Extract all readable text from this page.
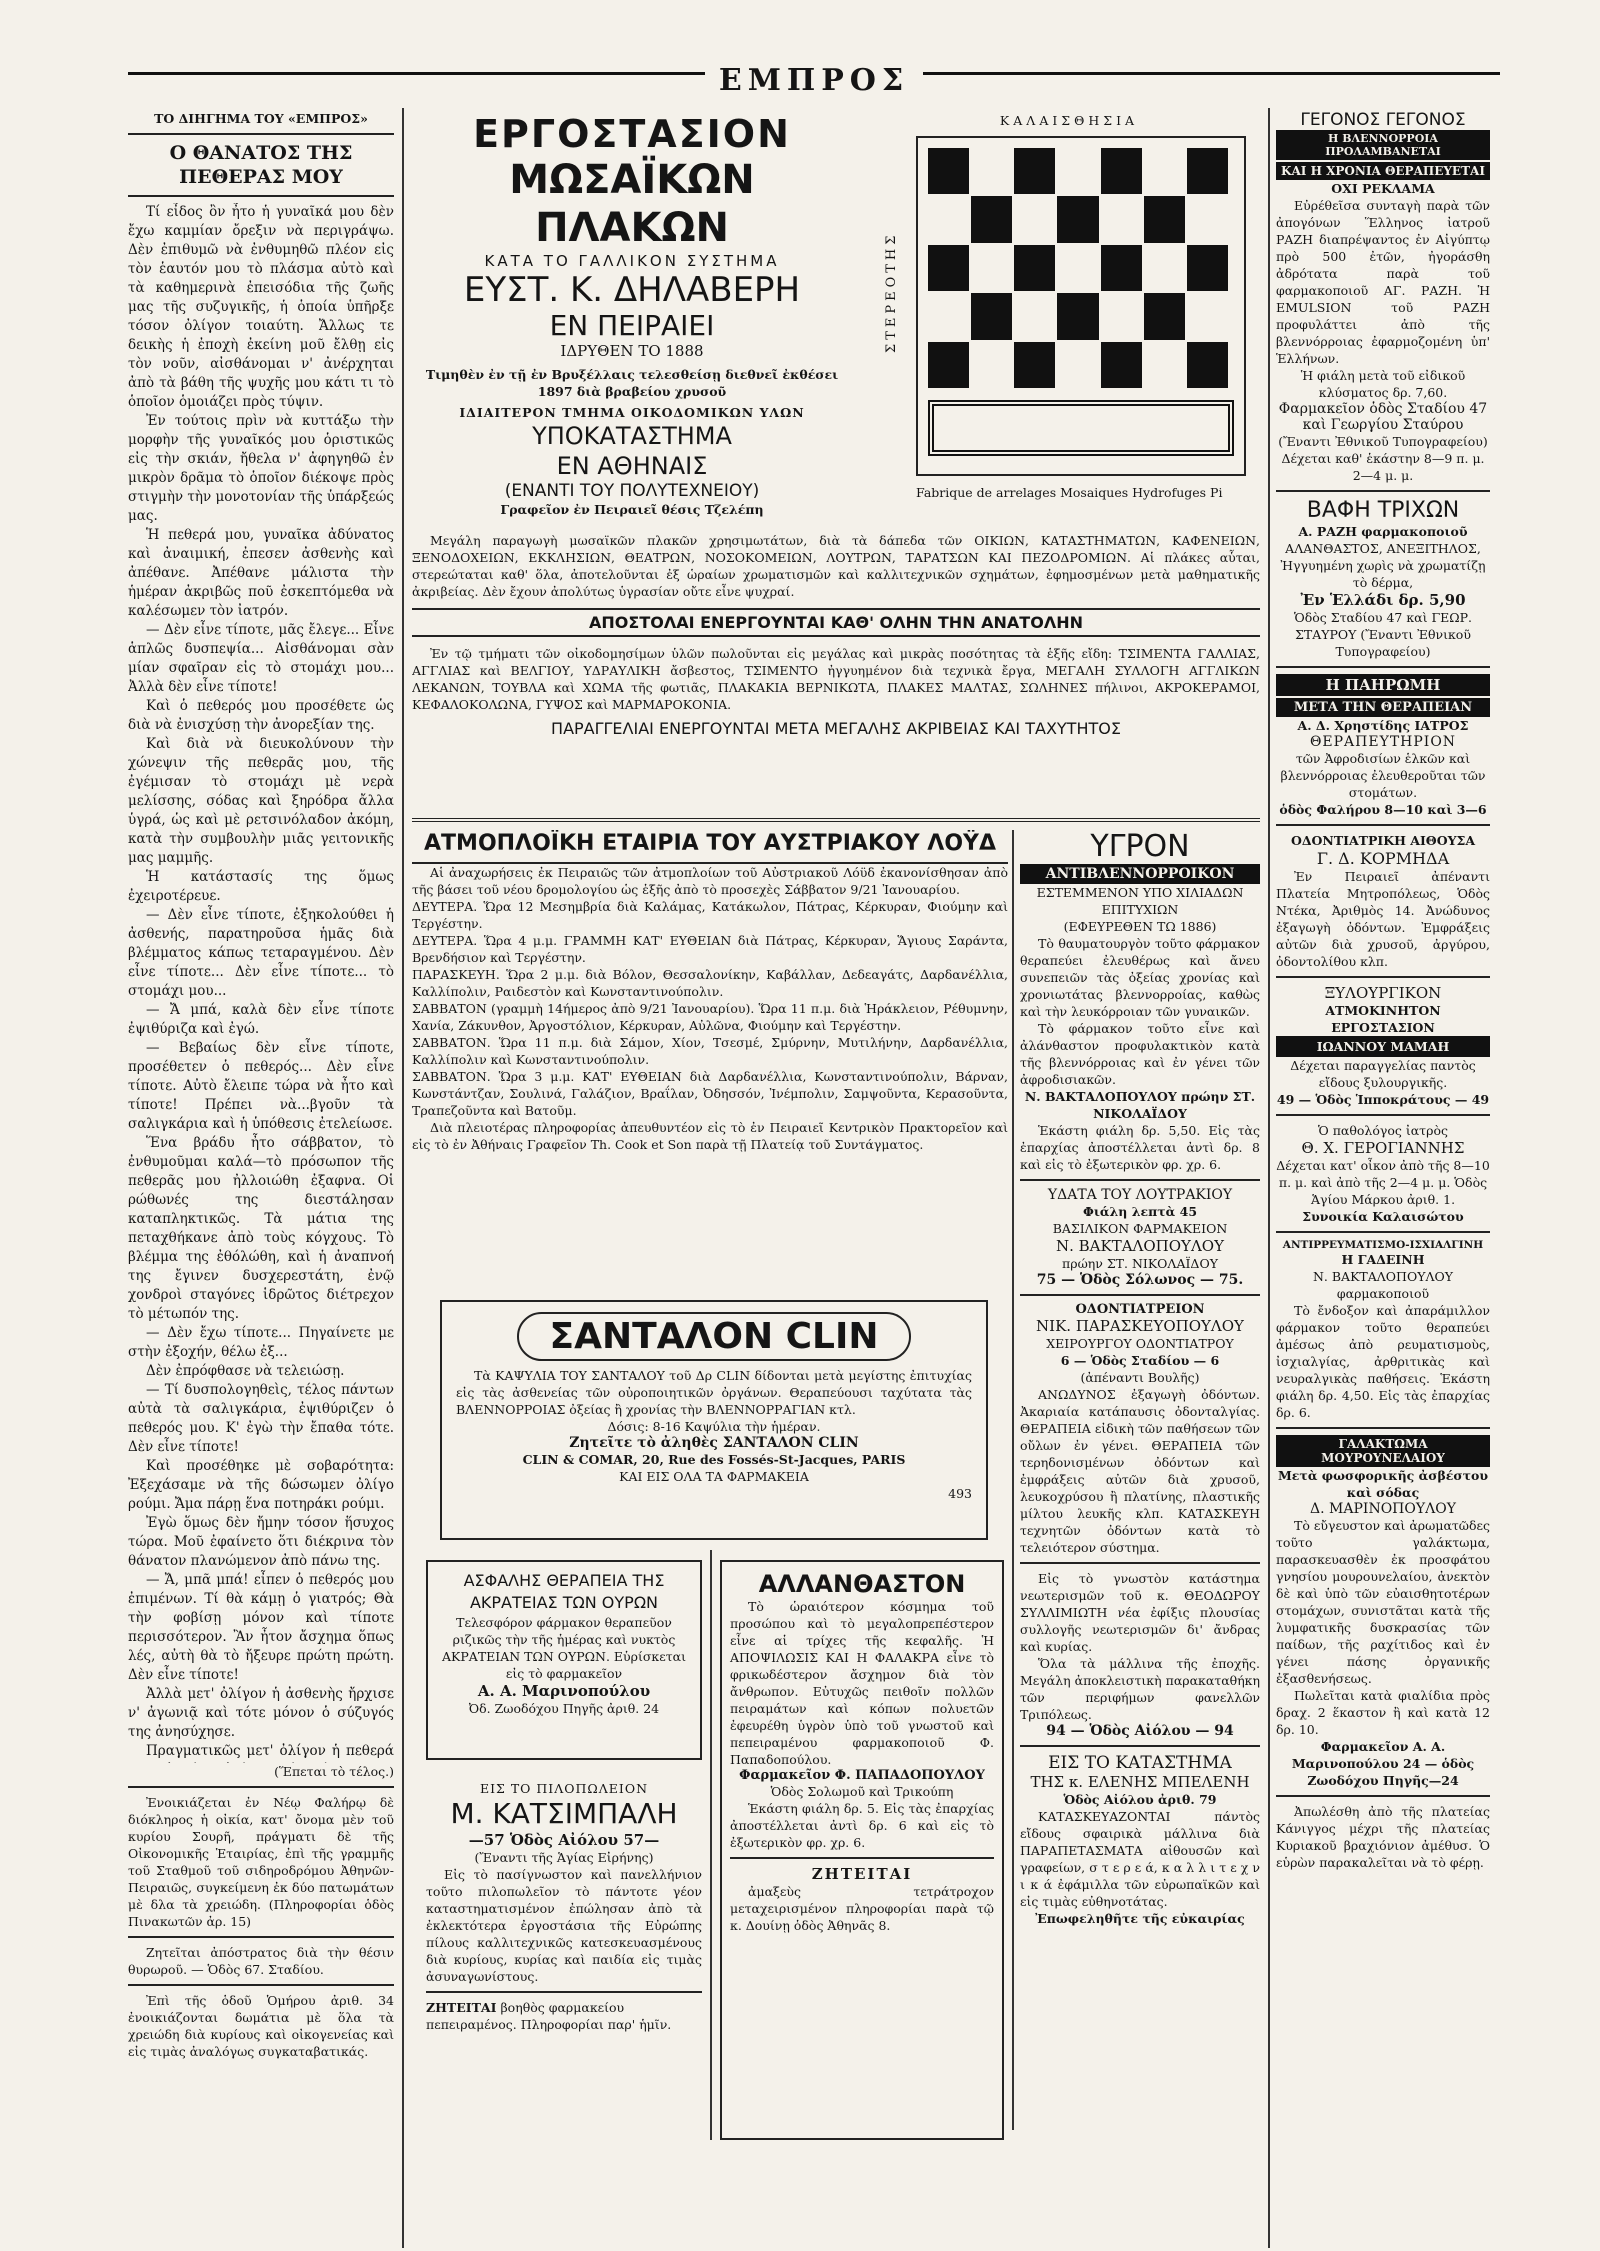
ΕΜΠΡΟΣ
ΤΟ ΔΙΗΓΗΜΑ ΤΟΥ «ΕΜΠΡΟΣ»
Ο ΘΑΝΑΤΟΣ ΤΗΣ ΠΕΘΕΡΑΣ ΜΟΥ

Τί εἶδος ὂν ἦτο ἡ γυναῖκά μου δὲν ἔχω καμμίαν ὄρεξιν νὰ περιγράψω. Δὲν ἐπιθυμῶ νὰ ἐνθυμηθῶ πλέον εἰς τὸν ἑαυτόν μου τὸ πλάσμα αὐτὸ καὶ τὰ καθημερινὰ ἐπεισόδια τῆς ζωῆς μας τῆς συζυγικῆς, ἡ ὁποία ὑπῆρξε τόσον ὀλίγον τοιαύτη. Ἄλλως τε δεικὴς ἡ ἐποχὴ ἐκείνη μοῦ ἔλθῃ εἰς τὸν νοῦν, αἰσθάνομαι ν' ἀνέρχηται ἀπὸ τὰ βάθη τῆς ψυχῆς μου κάτι τι τὸ ὁποῖον ὁμοιάζει πρὸς τύψιν.

Ἐν τούτοις πρὶν νὰ κυττάξω τὴν μορφὴν τῆς γυναῖκός μου ὁριστικῶς εἰς τὴν σκιάν, ἤθελα ν' ἀφηγηθῶ ἐν μικρὸν δρᾶμα τὸ ὁποῖον διέκοψε πρὸς στιγμὴν τὴν μονοτονίαν τῆς ὑπάρξεώς μας.

Ἡ πεθερά μου, γυναῖκα ἀδύνατος καὶ ἀναιμική, ἐπεσεν ἀσθενὴς καὶ ἀπέθανε. Ἀπέθανε μάλιστα τὴν ἡμέραν ἀκριβῶς ποῦ ἐσκεπτόμεθα νὰ καλέσωμεν τὸν ἰατρόν.

— Δὲν εἶνε τίποτε, μᾶς ἔλεγε... Εἶνε ἁπλῶς δυσπεψία... Αἰσθάνομαι σὰν μίαν σφαῖραν εἰς τὸ στομάχι μου... Ἀλλὰ δὲν εἶνε τίποτε!

Καὶ ὁ πεθερός μου προσέθετε ὡς διὰ νὰ ἐνισχύσῃ τὴν ἀνορεξίαν της.

Καὶ διὰ νὰ διευκολύνουν τὴν χώνεψιν τῆς πεθερᾶς μου, τῆς ἐγέμισαν τὸ στομάχι μὲ νερὰ μελίσσης, σόδας καὶ ξηρόδρα ἄλλα ὑγρά, ὡς καὶ μὲ ρετσινόλαδον ἀκόμη, κατὰ τὴν συμβουλὴν μιᾶς γειτονικῆς μας μαμμῆς.

Ἡ κατάστασίς της ὅμως ἐχειροτέρευε.

— Δὲν εἶνε τίποτε, ἐξηκολούθει ἡ ἀσθενής, παρατηροῦσα ἡμᾶς διὰ βλέμματος κάπως τεταραγμένου. Δὲν εἶνε τίποτε... Δὲν εἶνε τίποτε... τὸ στομάχι μου...

— Ἄ μπά, καλὰ δὲν εἶνε τίποτε ἐψιθύριζα καὶ ἐγώ.

— Βεβαίως δὲν εἶνε τίποτε, προσέθετεν ὁ πεθερός... Δὲν εἶνε τίποτε. Αὐτὸ ἔλειπε τώρα νὰ ἦτο καὶ τίποτε! Πρέπει νὰ...βγοῦν τὰ σαλιγκάρια καὶ ἡ ὑπόθεσις ἐτελείωσε.

Ἕνα βράδυ ἦτο σάββατον, τὸ ἐνθυμοῦμαι καλά—τὸ πρόσωπον τῆς πεθερᾶς μου ἠλλοιώθη ἐξαφνα. Οἱ ρώθωνές της διεστάλησαν καταπληκτικῶς. Τὰ μάτια της πεταχθήκανε ἀπὸ τοὺς κόγχους. Τὸ βλέμμα της ἐθόλώθη, καὶ ἡ ἀναπνοή της ἔγινεν δυσχερεστάτη, ἐνῷ χονδροὶ σταγόνες ἱδρῶτος διέτρεχον τὸ μέτωπόν της.

— Δὲν ἔχω τίποτε... Πηγαίνετε με στὴν ἐξοχήν, θέλω ἐξ...

Δὲν ἐπρόφθασε νὰ τελειώσῃ.

— Τί δυσπολογηθεὶς, τέλος πάντων αὐτὰ τὰ σαλιγκάρια, ἐψιθύριζεν ὁ πεθερός μου. Κ' ἐγὼ τὴν ἔπαθα τότε. Δὲν εἶνε τίποτε!

Καὶ προσέθηκε μὲ σοβαρότητα: Ἐξεχάσαμε νὰ τῆς δώσωμεν ὀλίγο ρούμι. Ἄμα πάρῃ ἕνα ποτηράκι ρούμι.

Ἐγὼ ὅμως δὲν ἤμην τόσον ἥσυχος τώρα. Μοῦ ἐφαίνετο ὅτι διέκρινα τὸν θάνατον πλανώμενον ἀπὸ πάνω της.

— Ἄ, μπᾶ μπά! εἶπεν ὁ πεθερός μου ἐπιμένων. Τί θὰ κάμῃ ὁ γιατρός; Θὰ τὴν φοβίσῃ μόνον καὶ τίποτε περισσότερον. Ἂν ἦτον ἄσχημα ὅπως λές, αὐτὴ θὰ τὸ ἤξευρε πρώτη πρώτη. Δὲν εἶνε τίποτε!

Ἀλλὰ μετ' ὀλίγον ἡ ἀσθενὴς ἤρχισε ν' ἀγωνιᾷ καὶ τότε μόνον ὁ σύζυγός της ἀνησύχησε.

Πραγματικῶς μετ' ὀλίγον ἡ πεθερά

(Ἕπεται τὸ τέλος.)

Ἐνοικιάζεται ἐν Νέῳ Φαλήρῳ δὲ διόκληρος ἡ οἰκία, κατ' ὄνομα μὲν τοῦ κυρίου Σουρῆ, πράγματι δὲ τῆς Οἰκονομικῆς Ἑταιρίας, ἐπὶ τῆς γραμμῆς τοῦ Σταθμοῦ τοῦ σιδηροδρόμου Ἀθηνῶν-Πειραιῶς, συγκείμενη ἐκ δύο πατωμάτων μὲ δλα τὰ χρειώδη. (Πληροφορίαι ὁδὸς Πινακωτῶν ἀρ. 15)

Ζητεῖται ἀπόστρατος διὰ τὴν θέσιν θυρωροῦ. — Ὁδὸς 67. Σταδίου.

Ἐπὶ τῆς ὁδοῦ Ὁμήρου ἀριθ. 34 ἐνοικιάζονται δωμάτια μὲ ὅλα τὰ χρειώδη διὰ κυρίους καὶ οἰκογενείας καὶ εἰς τιμὰς ἀναλόγως συγκαταβατικάς.

ΕΡΓΟΣΤΑΣΙΟΝ
ΜΩΣΑΪΚΩΝ ΠΛΑΚΩΝ
ΚΑΤΑ ΤΟ ΓΑΛΛΙΚΟΝ ΣΥΣΤΗΜΑ
ΕΥΣΤ. Κ. ΔΗΛΑΒΕΡΗ
ΕΝ ΠΕΙΡΑΙΕΙ
ΙΔΡΥΘΕΝ ΤΟ 1888
Τιμηθὲν ἐν τῇ ἐν Βρυξέλλαις τελεσθείσῃ διεθνεῖ ἐκθέσει 1897 διὰ βραβείου χρυσοῦ
ΙΔΙΑΙΤΕΡΟΝ ΤΜΗΜΑ ΟΙΚΟΔΟΜΙΚΩΝ ΥΛΩΝ
ΥΠΟΚΑΤΑΣΤΗΜΑ
ΕΝ ΑΘΗΝΑΙΣ
(ΕΝΑΝΤΙ ΤΟΥ ΠΟΛΥΤΕΧΝΕΙΟΥ)
Γραφεῖον ἐν Πειραιεῖ θέσις Τζελέπη
ΚΑΛΑΙΣΘΗΣΙΑ
ΣΤΕΡΕΟΤΗΣ
Fabrique de arrelages Mosaiques Hydrofuges Pi

Μεγάλη παραγωγὴ μωσαϊκῶν πλακῶν χρησιμωτάτων, διὰ τὰ δάπεδα τῶν ΟΙΚΙΩΝ, ΚΑΤΑΣΤΗΜΑΤΩΝ, ΚΑΦΕΝΕΙΩΝ, ΞΕΝΟΔΟΧΕΙΩΝ, ΕΚΚΛΗΣΙΩΝ, ΘΕΑΤΡΩΝ, ΝΟΣΟΚΟΜΕΙΩΝ, ΛΟΥΤΡΩΝ, ΤΑΡΑΤΣΩΝ ΚΑΙ ΠΕΖΟΔΡΟΜΙΩΝ. Αἱ πλάκες αὗται, στερεώταται καθ' ὅλα, ἀποτελοῦνται ἐξ ὡραίων χρωματισμῶν καὶ καλλιτεχνικῶν σχημάτων, ἐφημοσμένων μετὰ μαθηματικῆς ἀκριβείας. Δὲν ἔχουν ἀπολύτως ὑγρασίαν οὔτε εἶνε ψυχραί.

ΑΠΟΣΤΟΛΑΙ ΕΝΕΡΓΟΥΝΤΑΙ ΚΑΘ' ΟΛΗΝ ΤΗΝ ΑΝΑΤΟΛΗΝ

Ἐν τῷ τμήματι τῶν οἰκοδομησίμων ὑλῶν πωλοῦνται εἰς μεγάλας καὶ μικρὰς ποσότητας τὰ ἑξῆς εἴδη: ΤΣΙΜΕΝΤΑ ΓΑΛΛΙΑΣ, ΑΓΓΛΙΑΣ καὶ ΒΕΛΓΙΟΥ, ΥΔΡΑΥΛΙΚΗ ἄσβεστος, ΤΣΙΜΕΝΤΟ ἠγγυημένον διὰ τεχνικὰ ἔργα, ΜΕΓΑΛΗ ΣΥΛΛΟΓΗ ΑΓΓΛΙΚΩΝ ΛΕΚΑΝΩΝ, ΤΟΥΒΛΑ καὶ ΧΩΜΑ τῆς φωτιᾶς, ΠΛΑΚΑΚΙΑ ΒΕΡΝΙΚΩΤΑ, ΠΛΑΚΕΣ ΜΑΛΤΑΣ, ΣΩΛΗΝΕΣ πήλινοι, ΑΚΡΟΚΕΡΑΜΟΙ, ΚΕΦΑΛΟΚΟΛΩΝΑ, ΓΥΨΟΣ καὶ ΜΑΡΜΑΡΟΚΟΝΙΑ.

ΠΑΡΑΓΓΕΛΙΑΙ ΕΝΕΡΓΟΥΝΤΑΙ ΜΕΤΑ ΜΕΓΑΛΗΣ ΑΚΡΙΒΕΙΑΣ ΚΑΙ ΤΑΧΥΤΗΤΟΣ
ΑΤΜΟΠΛΟΪΚΗ ΕΤΑΙΡΙΑ ΤΟΥ ΑΥΣΤΡΙΑΚΟΥ ΛΟΫΔ

Αἱ ἀναχωρήσεις ἐκ Πειραιῶς τῶν ἀτμοπλοίων τοῦ Αὐστριακοῦ Λόϋδ ἐκανονίσθησαν ἀπὸ τῆς βάσει τοῦ νέου δρομολογίου ὡς ἑξῆς ἀπὸ τὸ προσεχὲς Σάββατον 9/21 Ἰανουαρίου.

ΔΕΥΤΕΡΑ. Ὥρα 12 Μεσημβρία διὰ Καλάμας, Κατάκωλον, Πάτρας, Κέρκυραν, Φιούμην καὶ Τεργέστην.

ΔΕΥΤΕΡΑ. Ὥρα 4 μ.μ. ΓΡΑΜΜΗ ΚΑΤ' ΕΥΘΕΙΑΝ διὰ Πάτρας, Κέρκυραν, Ἅγιους Σαράντα, Βρενδήσιον καὶ Τεργέστην.

ΠΑΡΑΣΚΕΥΗ. Ὥρα 2 μ.μ. διὰ Βόλον, Θεσσαλονίκην, Καβάλλαν, Δεδεαγάτς, Δαρδανέλλια, Καλλίπολιν, Ραιδεστὸν καὶ Κωνσταντινούπολιν.

ΣΑΒΒΑΤΟΝ (γραμμὴ 14ήμερος ἀπὸ 9/21 Ἰανουαρίου). Ὥρα 11 π.μ. διὰ Ἡράκλειον, Ρέθυμνην, Χανία, Ζάκυνθον, Ἀργοστόλιον, Κέρκυραν, Αὐλῶνα, Φιούμην καὶ Τεργέστην.

ΣΑΒΒΑΤΟΝ. Ὥρα 11 π.μ. διὰ Σάμον, Χίον, Τσεσμέ, Σμύρνην, Μυτιλήνην, Δαρδανέλλια, Καλλίπολιν καὶ Κωνσταντινούπολιν.

ΣΑΒΒΑΤΟΝ. Ὥρα 3 μ.μ. ΚΑΤ' ΕΥΘΕΙΑΝ διὰ Δαρδανέλλια, Κωνσταντινούπολιν, Βάρναν, Κωνστάντζαν, Σουλινά, Γαλάζιον, Βραΐλαν, Ὀδησσόν, Ἰνέμπολιν, Σαμψοῦντα, Κερασοῦντα, Τραπεζοῦντα καὶ Βατοῦμ.

Διὰ πλειοτέρας πληροφορίας ἀπευθυντέον εἰς τὸ ἐν Πειραιεῖ Κεντρικὸν Πρακτορεῖον καὶ εἰς τὸ ἐν Ἀθήναις Γραφεῖον Th. Cook et Son παρὰ τῇ Πλατείᾳ τοῦ Συντάγματος.

ΣΑΝΤΑΛΟΝ CLIN

Τὰ ΚΑΨΥΛΙΑ ΤΟΥ ΣΑΝΤΑΛΟΥ τοῦ Δρ CLIN δίδονται μετὰ μεγίστης ἐπιτυχίας εἰς τὰς ἀσθενείας τῶν οὐροποιητικῶν ὀργάνων. Θεραπεύουσι ταχύτατα τὰς ΒΛΕΝΝΟΡΡΟΙΑΣ ὀξείας ἢ χρονίας τὴν ΒΛΕΝΝΟΡΡΑΓΙΑΝ κτλ.

Δόσις: 8-16 Καψύλια τὴν ἡμέραν.
Ζητεῖτε τὸ ἀληθὲς ΣΑΝΤΑΛΟΝ CLIN
CLIN & COMAR, 20, Rue des Fossés-St-Jacques, PARIS
ΚΑΙ ΕΙΣ ΟΛΑ ΤΑ ΦΑΡΜΑΚΕΙΑ
493
ΑΣΦΑΛΗΣ ΘΕΡΑΠΕΙΑ ΤΗΣ ΑΚΡΑΤΕΙΑΣ ΤΩΝ ΟΥΡΩΝ

Τελεσφόρον φάρμακον θεραπεῦον ριζικῶς τὴν τῆς ἡμέρας καὶ νυκτὸς ΑΚΡΑΤΕΙΑΝ ΤΩΝ ΟΥΡΩΝ. Εὑρίσκεται εἰς τὸ φαρμακεῖον

Α. Α. Μαρινοπούλου
Ὀδ. Ζωοδόχου Πηγῆς ἀριθ. 24
ΕΙΣ ΤΟ ΠΙΛΟΠΩΛΕΙΟΝ
Μ. ΚΑΤΣΙΜΠΑΛΗ
—57 Ὁδὸς Αἰόλου 57—
(Ἔναντι τῆς Ἁγίας Εἰρήνης)

Εἰς τὸ πασίγνωστον καὶ πανελλήνιον τοῦτο πιλοπωλεῖον τὸ πάντοτε γέον καταστηματισμένον ἐπώλησαν ἀπὸ τὰ ἐκλεκτότερα ἐργοστάσια τῆς Εὐρώπης πίλους καλλιτεχνικῶς κατεσκευασμένους διὰ κυρίους, κυρίας καὶ παιδία εἰς τιμὰς ἀσυναγωνίστους.

ΖΗΤΕΙΤΑΙ βοηθὸς φαρμακείου πεπειραμένος. Πληροφορίαι παρ' ἡμῖν.
ΑΛΛΑΝΘΑΣΤΟΝ

Τὸ ὡραιότερον κόσμημα τοῦ προσώπου καὶ τὸ μεγαλοπρεπέστερον εἶνε αἱ τρίχες τῆς κεφαλῆς. Ἡ ΑΠΟΨΙΛΩΣΙΣ ΚΑΙ Η ΦΑΛΑΚΡΑ εἶνε τὸ φρικωδέστερον ἄσχημον διὰ τὸν ἄνθρωπον. Εὐτυχῶς πειθοῖν πολλῶν πειραμάτων καὶ κόπων πολυετῶν ἐφευρέθη ὑγρὸν ὑπὸ τοῦ γνωστοῦ καὶ πεπειραμένου φαρμακοποιοῦ Φ. Παπαδοπούλου.

Φαρμακεῖον Φ. ΠΑΠΑΔΟΠΟΥΛΟΥ
Ὁδὸς Σολωμοῦ καὶ Τρικούπη

Ἑκάστη φιάλη δρ. 5. Εἰς τὰς ἐπαρχίας ἀποστέλλεται ἀντὶ δρ. 6 καὶ εἰς τὸ ἐξωτερικὸν φρ. χρ. 6.

ΖΗΤΕΙΤΑΙ

ἀμαξεὺς τετράτροχον μεταχειρισμένον πληροφορίαι παρὰ τῷ κ. Δουίνῃ ὁδὸς Ἀθηνᾶς 8.

ΥΓΡΟΝ
ΑΝΤΙΒΛΕΝΝΟΡΡΟΙΚΟΝ
ΕΣΤΕΜΜΕΝΟΝ ΥΠΟ ΧΙΛΙΑΔΩΝ ΕΠΙΤΥΧΙΩΝ
(ΕΦΕΥΡΕΘΕΝ ΤΩ 1886)

Τὸ θαυματουργὸν τοῦτο φάρμακον θεραπεύει ἐλευθέρως καὶ ἄνευ συνεπειῶν τὰς ὀξείας χρονίας καὶ χρονιωτάτας βλεννορροίας, καθὼς καὶ τὴν λευκόρροιαν τῶν γυναικῶν.

Τὸ φάρμακον τοῦτο εἶνε καὶ ἀλάνθαστον προφυλακτικὸν κατὰ τῆς βλεννόρροιας καὶ ἐν γένει τῶν ἀφροδισιακῶν.

Ν. ΒΑΚΤΑΛΟΠΟΥΛΟΥ πρώην ΣΤ. ΝΙΚΟΛΑΪΔΟΥ

Ἑκάστη φιάλη δρ. 5,50. Εἰς τὰς ἐπαρχίας ἀποστέλλεται ἀντὶ δρ. 8 καὶ εἰς τὸ ἐξωτερικὸν φρ. χρ. 6.

ΥΔΑΤΑ ΤΟΥ ΛΟΥΤΡΑΚΙΟΥ
Φιάλη λεπτὰ 45
ΒΑΣΙΛΙΚΟΝ ΦΑΡΜΑΚΕΙΟΝ
Ν. ΒΑΚΤΑΛΟΠΟΥΛΟΥ
πρώην ΣΤ. ΝΙΚΟΛΑΪΔΟΥ
75 — Ὁδὸς Σόλωνος — 75.
ΟΔΟΝΤΙΑΤΡΕΙΟΝ
ΝΙΚ. ΠΑΡΑΣΚΕΥΟΠΟΥΛΟΥ
ΧΕΙΡΟΥΡΓΟΥ ΟΔΟΝΤΙΑΤΡΟΥ
6 — Ὁδὸς Σταδίου — 6
(ἀπέναντι Βουλῆς)

ΑΝΩΔΥΝΟΣ ἐξαγωγὴ ὀδόντων. Ἀκαριαία κατάπαυσις ὀδονταλγίας. ΘΕΡΑΠΕΙΑ εἰδικὴ τῶν παθήσεων τῶν οὔλων ἐν γένει. ΘΕΡΑΠΕΙΑ τῶν τερηδονισμένων ὀδόντων καὶ ἐμφράξεις αὐτῶν διὰ χρυσοῦ, λευκοχρύσου ἢ πλατίνης, πλαστικῆς μίλτου λευκῆς κλπ. ΚΑΤΑΣΚΕΥΗ τεχνητῶν ὀδόντων κατὰ τὸ τελειότερον σύστημα.

Εἰς τὸ γνωστὸν κατάστημα νεωτερισμῶν τοῦ κ. ΘΕΟΔΩΡΟΥ ΣΥΛΛΙΜΙΩΤΗ νέα ἐφίξις πλουσίας συλλογῆς νεωτερισμῶν δι' ἄνδρας καὶ κυρίας.

Ὅλα τὰ μάλλινα τῆς ἐποχῆς. Μεγάλη ἀποκλειστικὴ παρακαταθήκη τῶν περιφήμων φανελλῶν Τριπόλεως.

94 — Ὁδὸς Αἰόλου — 94
ΕΙΣ ΤΟ ΚΑΤΑΣΤΗΜΑ
ΤΗΣ κ. ΕΛΕΝΗΣ ΜΠΕΛΕΝΗ
Ὁδὸς Αἰόλου ἀριθ. 79

ΚΑΤΑΣΚΕΥΑΖΟΝΤΑΙ πάντὸς εἴδους σφαιρικὰ μάλλινα διὰ ΠΑΡΑΠΕΤΑΣΜΑΤΑ αἰθουσῶν καὶ γραφείων, σ τ ε ρ ε ά, κ α λ λ ι τ ε χ ν ι κ ά ἐφάμιλλα τῶν εὐρωπαϊκῶν καὶ εἰς τιμὰς εὐθηνοτάτας.

Ἐπωφεληθῆτε τῆς εὐκαιρίας
ΓΕΓΟΝΟΣ ΓΕΓΟΝΟΣ
Η ΒΛΕΝΝΟΡΡΟΙΑ ΠΡΟΛΑΜΒΑΝΕΤΑΙ
ΚΑΙ Η ΧΡΟΝΙΑ ΘΕΡΑΠΕΥΕΤΑΙ
ΟΧΙ ΡΕΚΛΑΜΑ

Εὐρέθεῖσα συνταγὴ παρὰ τῶν ἀπογόνων Ἕλληνος ἰατροῦ ΡΑΖΗ διαπρέψαντος ἐν Αἰγύπτῳ πρὸ 500 ἐτῶν, ἠγοράσθη ἀδρότατα παρὰ τοῦ φαρμακοποιοῦ ΑΓ. ΡΑΖΗ. Ἡ EMULSION τοῦ ΡΑΖΗ προφυλάττει ἀπὸ τῆς βλεννόρροιας ἐφαρμοζομένη ὑπ' Ἑλλήνων.

Ἡ φιάλη μετὰ τοῦ εἰδικοῦ κλύσματος δρ. 7,60.
Φαρμακεῖον ὁδὸς Σταδίου 47 καὶ Γεωργίου Σταύρου
(Ἔναντι Ἐθνικοῦ Τυπογραφείου)
Δέχεται καθ' ἑκάστην 8—9 π. μ. 2—4 μ. μ.
ΒΑΦΗ ΤΡΙΧΩΝ
Α. ΡΑΖΗ φαρμακοποιοῦ
ΑΛΑΝΘΑΣΤΟΣ, ΑΝΕΞΙΤΗΛΟΣ,
Ἠγγυημένη χωρὶς νὰ χρωματίζῃ τὸ δέρμα,
Ἐν Ἑλλάδι δρ. 5,90
Ὁδὸς Σταδίου 47 καὶ ΓΕΩΡ. ΣΤΑΥΡΟΥ (Ἔναντι Ἐθνικοῦ Τυπογραφείου)
Η ΠΑΗΡΩΜΗ
ΜΕΤΑ ΤΗΝ ΘΕΡΑΠΕΙΑΝ
Α. Δ. Χρηστίδης ΙΑΤΡΟΣ
ΘΕΡΑΠΕΥΤΗΡΙΟΝ
τῶν Ἀφροδισίων ἑλκῶν καὶ βλεννόρροιας ἐλευθεροῦται τῶν στομάτων.
ὁδὸς Φαλήρου 8—10 καὶ 3—6
ΟΔΟΝΤΙΑΤΡΙΚΗ ΑΙΘΟΥΣΑ
Γ. Δ. ΚΟΡΜΗΔΑ

Ἐν Πειραιεῖ ἀπέναντι Πλατεία Μητροπόλεως, Ὁδὸς Ντέκα, Ἀριθμὸς 14. Ἀνώδυνος ἐξαγωγὴ ὀδόντων. Ἐμφράξεις αὐτῶν διὰ χρυσοῦ, ἀργύρου, ὀδοντολίθου κλπ.

ΞΥΛΟΥΡΓΙΚΟΝ
ΑΤΜΟΚΙΝΗΤΟΝ ΕΡΓΟΣΤΑΣΙΟΝ
ΙΩΑΝΝΟΥ ΜΑΜΑΗ
Δέχεται παραγγελίας παντὸς εἴδους ξυλουργικῆς.
49 — Ὁδὸς Ἱπποκράτους — 49
Ὁ παθολόγος ἰατρὸς
Θ. Χ. ΓΕΡΟΓΙΑΝΝΗΣ
Δέχεται κατ' οἶκον ἀπὸ τῆς 8—10 π. μ. καὶ ἀπὸ τῆς 2—4 μ. μ. Ὁδὸς Ἁγίου Μάρκου ἀριθ. 1.
Συνοικία Καλαισώτου
ΑΝΤΙΡΡΕΥΜΑΤΙΣΜΟ-ΙΣΧΙΑΛΓΙΝΗ
Η ΓΑΔΕΙΝΗ
Ν. ΒΑΚΤΑΛΟΠΟΥΛΟΥ φαρμακοποιοῦ

Τὸ ἔνδοξον καὶ ἀπαράμιλλον φάρμακον τοῦτο θεραπεύει ἀμέσως ἀπὸ ρευματισμοὺς, ἰσχιαλγίας, ἀρθριτικὰς καὶ νευραλγικὰς παθήσεις. Ἑκάστη φιάλη δρ. 4,50. Εἰς τὰς ἐπαρχίας δρ. 6.

ΓΑΛΑΚΤΩΜΑ ΜΟΥΡΟΥΝΕΛΑΙΟΥ
Μετὰ φωσφορικῆς ἀσβέστου καὶ σόδας
Δ. ΜΑΡΙΝΟΠΟΥΛΟΥ

Τὸ εὔγευστον καὶ ἀρωματῶδες τοῦτο γαλάκτωμα, παρασκευασθὲν ἐκ προσφάτου γνησίου μουρουνελαίου, ἀνεκτὸν δὲ καὶ ὑπὸ τῶν εὐαισθητοτέρων στομάχων, συνιστᾶται κατὰ τῆς λυμφατικῆς δυσκρασίας τῶν παίδων, τῆς ραχίτιδος καὶ ἐν γένει πάσης ὀργανικῆς ἐξασθενήσεως.

Πωλεῖται κατὰ φιαλίδια πρὸς δραχ. 2 ἕκαστον ἢ καὶ κατὰ 12 δρ. 10.

Φαρμακεῖον Α. Α. Μαρινοπούλου 24 — ὁδὸς Ζωοδόχου Πηγῆς—24

Ἀπωλέσθη ἀπὸ τῆς πλατείας Κάνιγγος μέχρι τῆς πλατείας Κυριακοῦ βραχιόνιον ἀμέθυσ. Ὁ εὑρὼν παρακαλεῖται νὰ τὸ φέρῃ.
